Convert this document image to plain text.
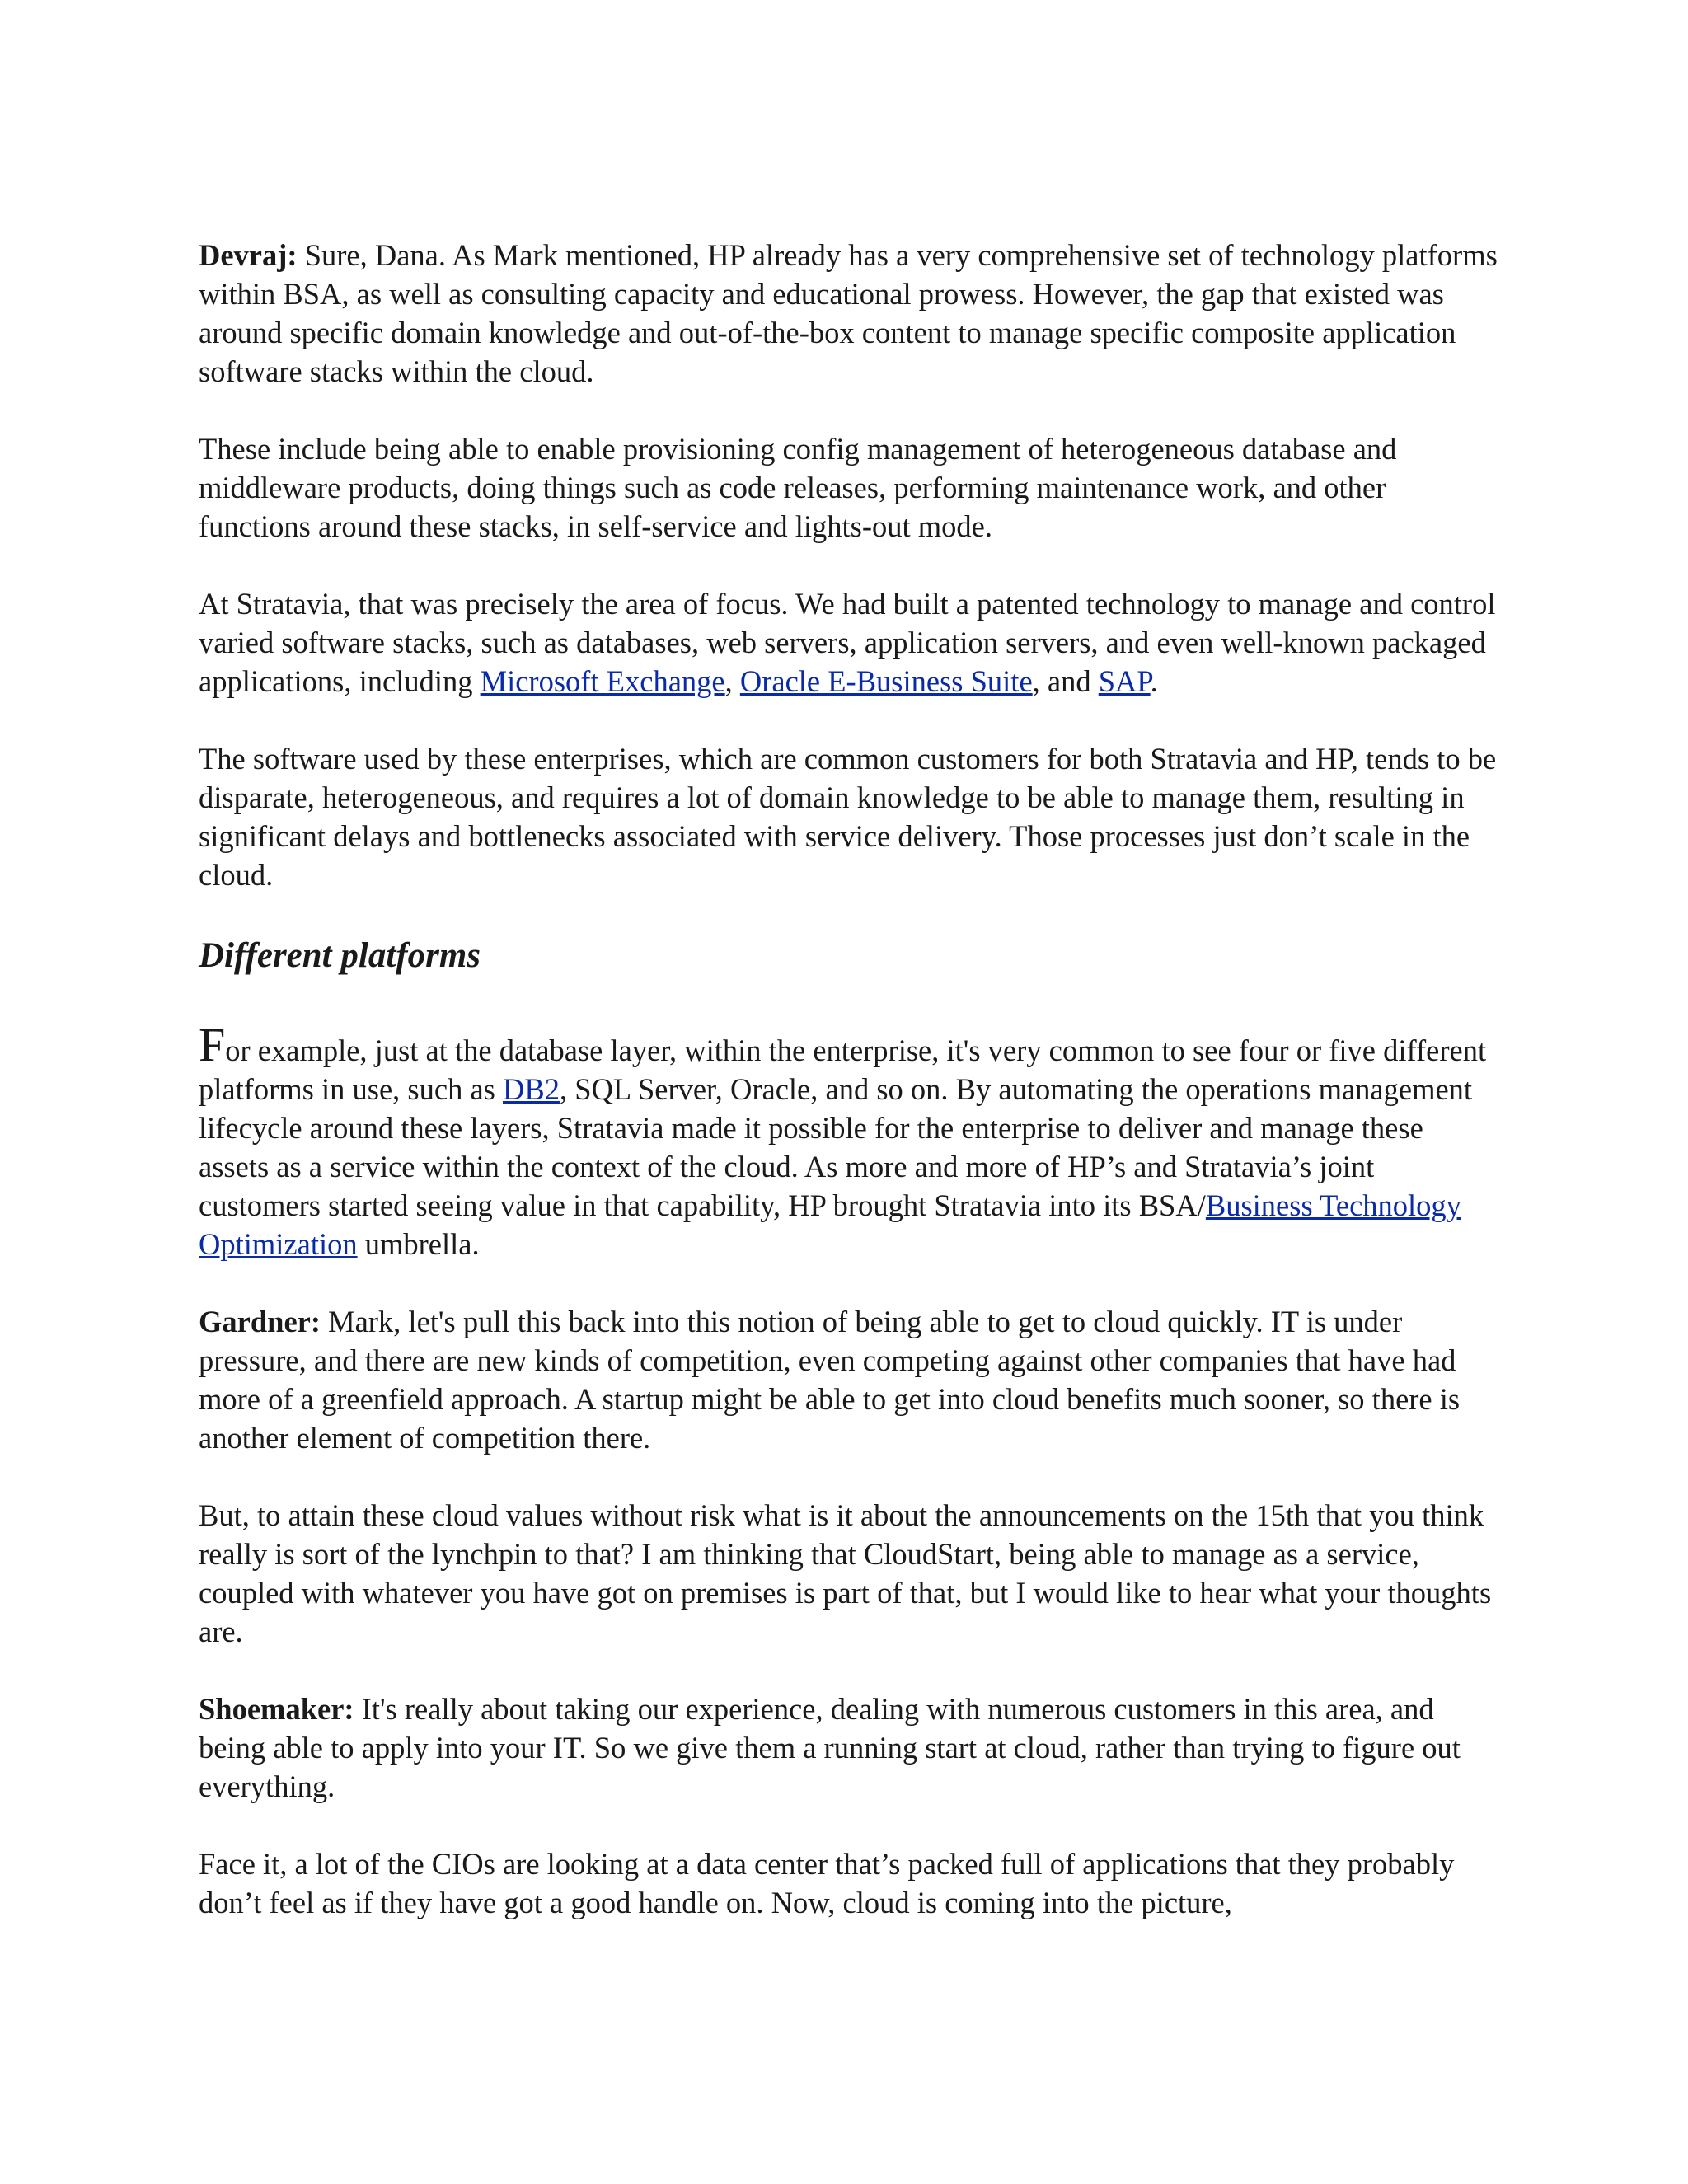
Devraj: Sure, Dana. As Mark mentioned, HP already has a very comprehensive set of technology platforms within BSA, as well as consulting capacity and educational prowess. However, the gap that existed was around specific domain knowledge and out-of-the-box content to manage specific composite application software stacks within the cloud.

These include being able to enable provisioning config management of heterogeneous database and middleware products, doing things such as code releases, performing maintenance work, and other functions around these stacks, in self-service and lights-out mode.

At Stratavia, that was precisely the area of focus. We had built a patented technology to manage and control varied software stacks, such as databases, web servers, application servers, and even well-known packaged applications, including Microsoft Exchange, Oracle E-Business Suite, and SAP.

The software used by these enterprises, which are common customers for both Stratavia and HP, tends to be disparate, heterogeneous, and requires a lot of domain knowledge to be able to manage them, resulting in significant delays and bottlenecks associated with service delivery. Those processes just don’t scale in the cloud.

Different platforms

For example, just at the database layer, within the enterprise, it's very common to see four or five different platforms in use, such as DB2, SQL Server, Oracle, and so on. By automating the operations management lifecycle around these layers, Stratavia made it possible for the enterprise to deliver and manage these assets as a service within the context of the cloud. As more and more of HP’s and Stratavia’s joint customers started seeing value in that capability, HP brought Stratavia into its BSA/Business Technology Optimization umbrella.

Gardner: Mark, let's pull this back into this notion of being able to get to cloud quickly. IT is under pressure, and there are new kinds of competition, even competing against other companies that have had more of a greenfield approach. A startup might be able to get into cloud benefits much sooner, so there is another element of competition there.

But, to attain these cloud values without risk what is it about the announcements on the 15th that you think really is sort of the lynchpin to that? I am thinking that CloudStart, being able to manage as a service, coupled with whatever you have got on premises is part of that, but I would like to hear what your thoughts are.

Shoemaker: It's really about taking our experience, dealing with numerous customers in this area, and being able to apply into your IT. So we give them a running start at cloud, rather than trying to figure out everything.

Face it, a lot of the CIOs are looking at a data center that’s packed full of applications that they probably don’t feel as if they have got a good handle on. Now, cloud is coming into the picture,
